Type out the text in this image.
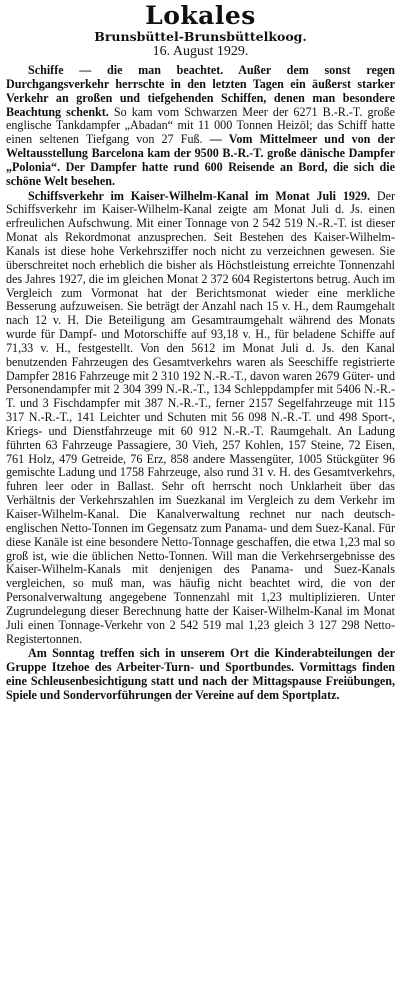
Lokales

Brunsbüttel-Brunsbüttelkoog.

16. August 1929.

Schiffe — die man beachtet. Außer dem sonst regen Durchgangsverkehr herrschte in den letzten Tagen ein äußerst starker Verkehr an großen und tiefgehenden Schiffen, denen man besondere Beachtung schenkt. So kam vom Schwarzen Meer der 6271 B.-R.-T. große englische Tankdampfer „Abadan“ mit 11 000 Tonnen Heizöl; das Schiff hatte einen seltenen Tiefgang von 27 Fuß. — Vom Mittelmeer und von der Weltausstellung Barcelona kam der 9500 B.-R.-T. große dänische Dampfer „Polonia“. Der Dampfer hatte rund 600 Reisende an Bord, die sich die schöne Welt besehen.

Schiffsverkehr im Kaiser-Wilhelm-Kanal im Monat Juli 1929. Der Schiffsverkehr im Kaiser-Wilhelm-Kanal zeigte am Monat Juli d. Js. einen erfreulichen Aufschwung. Mit einer Tonnage von 2 542 519 N.-R.-T. ist dieser Monat als Rekordmonat anzusprechen. Seit Bestehen des Kaiser-Wilhelm-Kanals ist diese hohe Verkehrsziffer noch nicht zu verzeichnen gewesen. Sie überschreitet noch erheblich die bisher als Höchstleistung erreichte Tonnenzahl des Jahres 1927, die im gleichen Monat 2 372 604 Registertons betrug. Auch im Vergleich zum Vormonat hat der Berichtsmonat wieder eine merkliche Besserung aufzuweisen. Sie beträgt der Anzahl nach 15 v. H., dem Raumgehalt nach 12 v. H. Die Beteiligung am Gesamtraumgehalt während des Monats wurde für Dampf- und Motorschiffe auf 93,18 v. H., für beladene Schiffe auf 71,33 v. H., festgestellt. Von den 5612 im Monat Juli d. Js. den Kanal benutzenden Fahrzeugen des Gesamtverkehrs waren als Seeschiffe registrierte Dampfer 2816 Fahrzeuge mit 2 310 192 N.-R.-T., davon waren 2679 Güter- und Personendampfer mit 2 304 399 N.-R.-T., 134 Schleppdampfer mit 5406 N.-R.-T. und 3 Fischdampfer mit 387 N.-R.-T., ferner 2157 Segelfahrzeuge mit 115 317 N.-R.-T., 141 Leichter und Schuten mit 56 098 N.-R.-T. und 498 Sport-, Kriegs- und Dienstfahrzeuge mit 60 912 N.-R.-T. Raumgehalt. An Ladung führten 63 Fahrzeuge Passagiere, 30 Vieh, 257 Kohlen, 157 Steine, 72 Eisen, 761 Holz, 479 Getreide, 76 Erz, 858 andere Massengüter, 1005 Stückgüter 96 gemischte Ladung und 1758 Fahrzeuge, also rund 31 v. H. des Gesamtverkehrs, fuhren leer oder in Ballast. Sehr oft herrscht noch Unklarheit über das Verhältnis der Verkehrszahlen im Suezkanal im Vergleich zu dem Verkehr im Kaiser-Wilhelm-Kanal. Die Kanalverwaltung rechnet nur nach deutsch-englischen Netto-Tonnen im Gegensatz zum Panama- und dem Suez-Kanal. Für diese Kanäle ist eine besondere Netto-Tonnage geschaffen, die etwa 1,23 mal so groß ist, wie die üblichen Netto-Tonnen. Will man die Verkehrsergebnisse des Kaiser-Wilhelm-Kanals mit denjenigen des Panama- und Suez-Kanals vergleichen, so muß man, was häufig nicht beachtet wird, die von der Personalverwaltung angegebene Tonnenzahl mit 1,23 multiplizieren. Unter Zugrundelegung dieser Berechnung hatte der Kaiser-Wilhelm-Kanal im Monat Juli einen Tonnage-Verkehr von 2 542 519 mal 1,23 gleich 3 127 298 Netto-Registertonnen.

Am Sonntag treffen sich in unserem Ort die Kinderabteilungen der Gruppe Itzehoe des Arbeiter-Turn- und Sportbundes. Vormittags finden eine Schleusenbesichtigung statt und nach der Mittagspause Freiübungen, Spiele und Sondervorführungen der Vereine auf dem Sportplatz.
